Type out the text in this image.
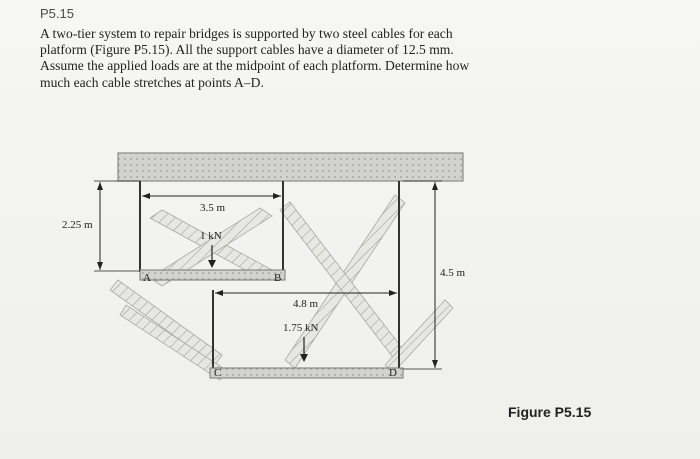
P5.15
A two-tier system to repair bridges is supported by two steel cables for each
platform (Figure P5.15). All the support cables have a diameter of 12.5 mm.
Assume the applied loads are at the midpoint of each platform. Determine how
much each cable stretches at points A–D.
2.25 m
3.5 m
1 kN
4.5 m
4.8 m
1.75 kN
A	B
C	D
Figure P5.15
